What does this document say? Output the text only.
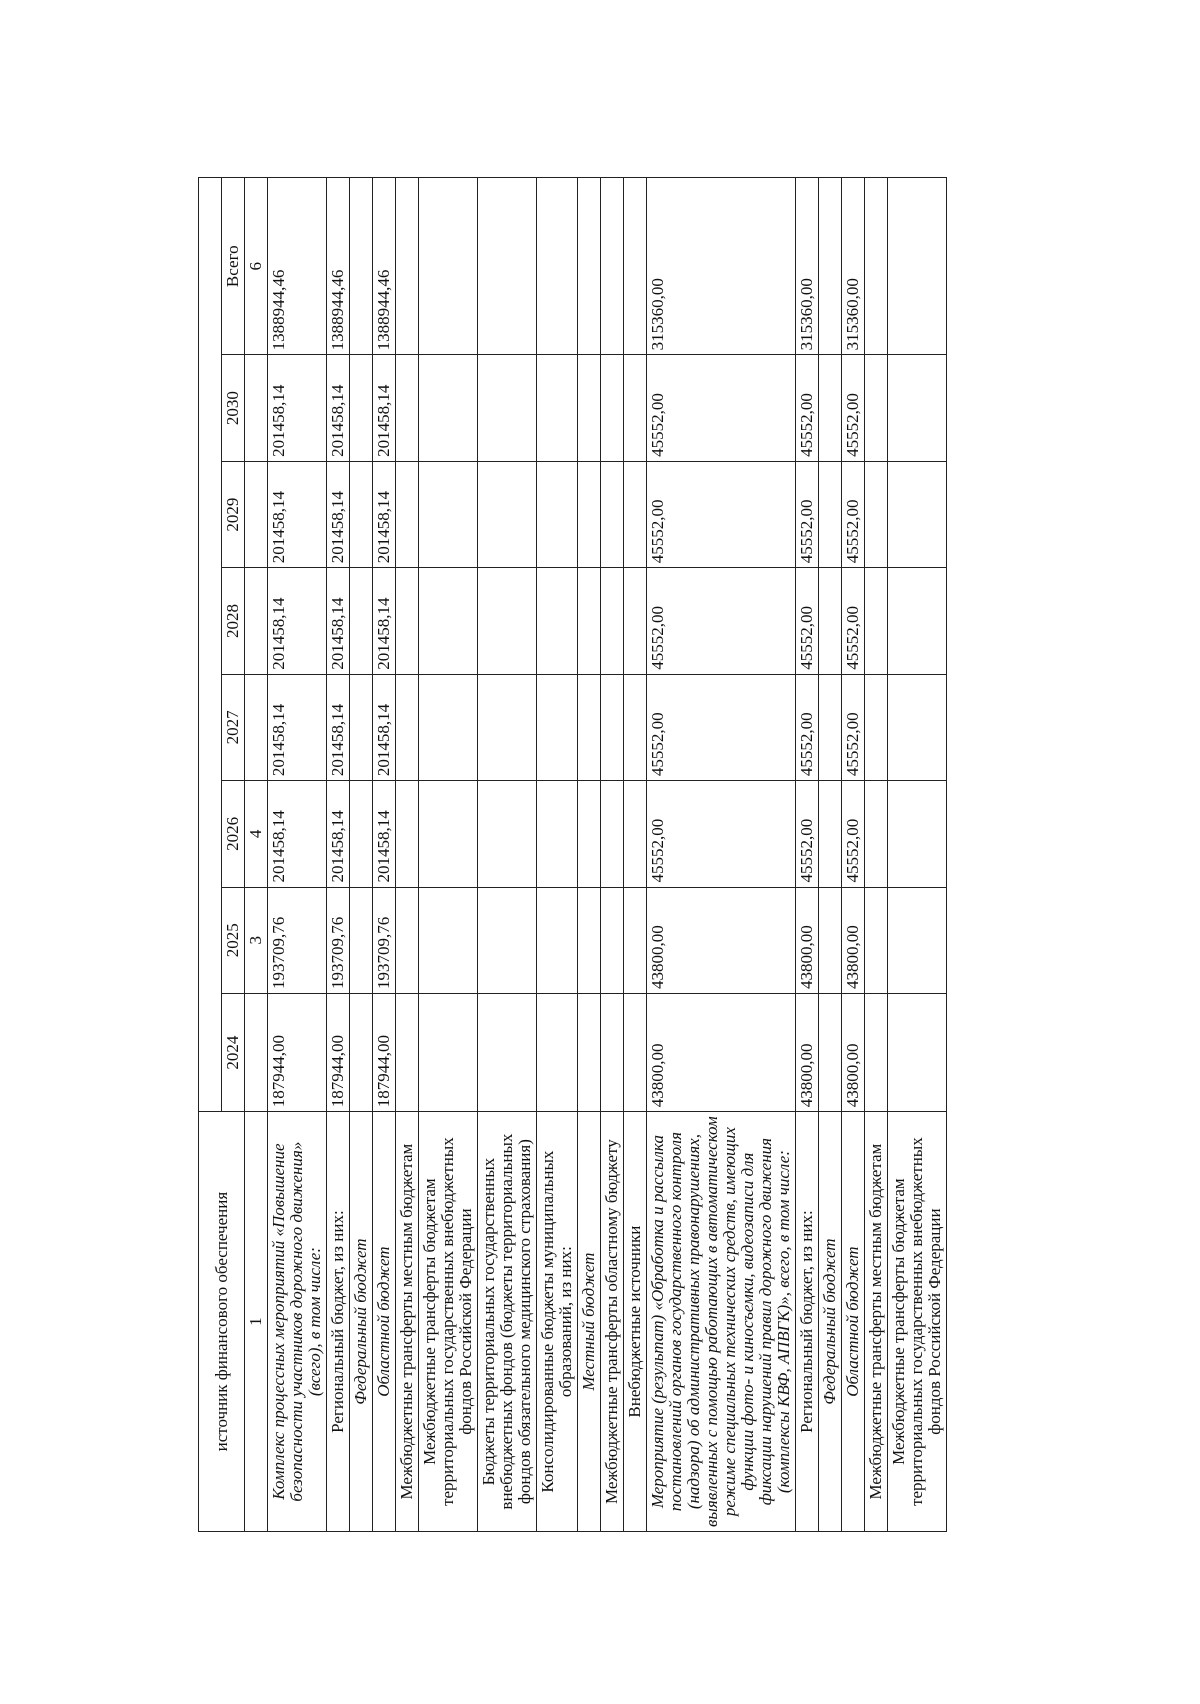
источник финансового обеспечения								
	2024	2025	2026	2027	2028	2029	2030	Всего
1		3	4					6
Комплекс процессных мероприятий «Повышение безопасности участников дорожного движения» (всего), в том числе:	187944,00	193709,76	201458,14	201458,14	201458,14	201458,14	201458,14	1388944,46
Региональный бюджет, из них:	187944,00	193709,76	201458,14	201458,14	201458,14	201458,14	201458,14	1388944,46
Федеральный бюджет								
Областной бюджет	187944,00	193709,76	201458,14	201458,14	201458,14	201458,14	201458,14	1388944,46
Межбюджетные трансферты местным бюджетам								
Межбюджетные трансферты бюджетам территориальных государственных внебюджетных фондов Российской Федерации								
Бюджеты территориальных государственных внебюджетных фондов (бюджеты территориальных фондов обязательного медицинского страхования)								
Консолидированные бюджеты муниципальных образований, из них:								
Местный бюджет								
Межбюджетные трансферты областному бюджету								
Внебюджетные источники								
Мероприятие (результат) «Обработка и рассылка постановлений органов государственного контроля (надзора) об административных правонарушениях, выявленных с помощью работающих в автоматическом режиме специальных технических средств, имеющих функции фото- и киносъемки, видеозаписи для фиксации нарушений правил дорожного движения (комплексы КВФ, АПВГК)», всего, в том числе:	43800,00	43800,00	45552,00	45552,00	45552,00	45552,00	45552,00	315360,00
Региональный бюджет, из них:	43800,00	43800,00	45552,00	45552,00	45552,00	45552,00	45552,00	315360,00
Федеральный бюджет								
Областной бюджет	43800,00	43800,00	45552,00	45552,00	45552,00	45552,00	45552,00	315360,00
Межбюджетные трансферты местным бюджетам								
Межбюджетные трансферты бюджетам территориальных государственных внебюджетных фондов Российской Федерации								
